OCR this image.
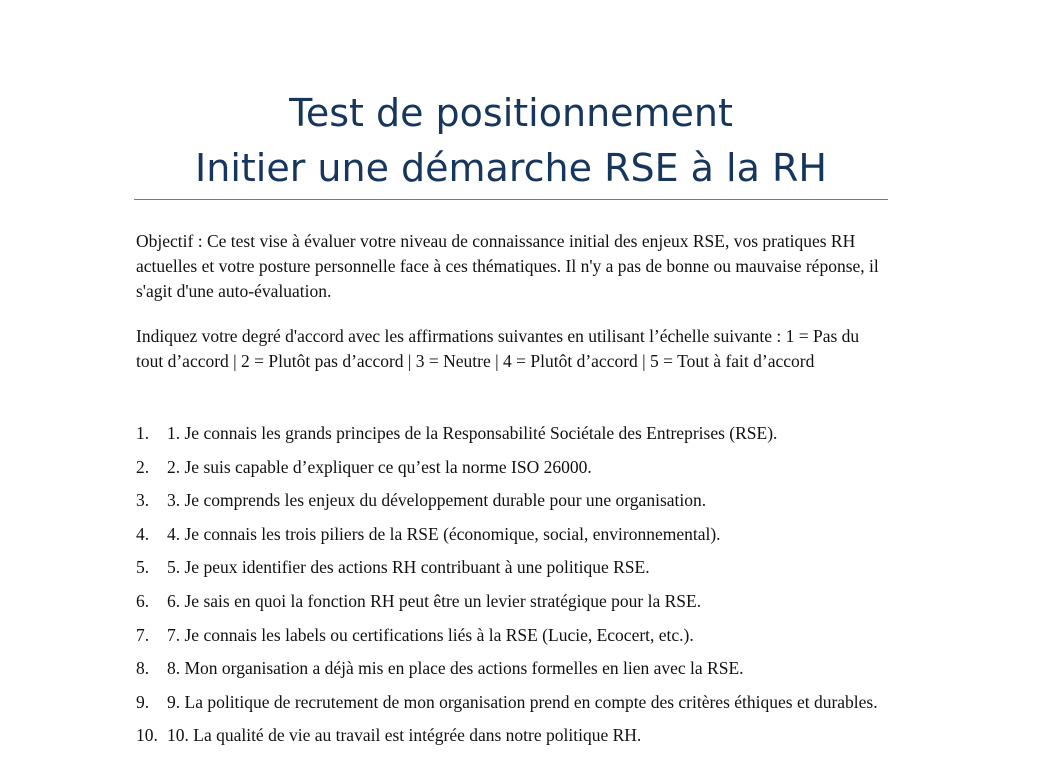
Test de positionnement
Initier une démarche RSE à la RH

Objectif : Ce test vise à évaluer votre niveau de connaissance initial des enjeux RSE, vos pratiques RH actuelles et votre posture personnelle face à ces thématiques. Il n'y a pas de bonne ou mauvaise réponse, il s'agit d'une auto-évaluation.

Indiquez votre degré d'accord avec les affirmations suivantes en utilisant l’échelle suivante : 1 = Pas du tout d’accord | 2 = Plutôt pas d’accord | 3 = Neutre | 4 = Plutôt d’accord | 5 = Tout à fait d’accord

1. 1. Je connais les grands principes de la Responsabilité Sociétale des Entreprises (RSE).
2. 2. Je suis capable d’expliquer ce qu’est la norme ISO 26000.
3. 3. Je comprends les enjeux du développement durable pour une organisation.
4. 4. Je connais les trois piliers de la RSE (économique, social, environnemental).
5. 5. Je peux identifier des actions RH contribuant à une politique RSE.
6. 6. Je sais en quoi la fonction RH peut être un levier stratégique pour la RSE.
7. 7. Je connais les labels ou certifications liés à la RSE (Lucie, Ecocert, etc.).
8. 8. Mon organisation a déjà mis en place des actions formelles en lien avec la RSE.
9. 9. La politique de recrutement de mon organisation prend en compte des critères éthiques et durables.
10. 10. La qualité de vie au travail est intégrée dans notre politique RH.
